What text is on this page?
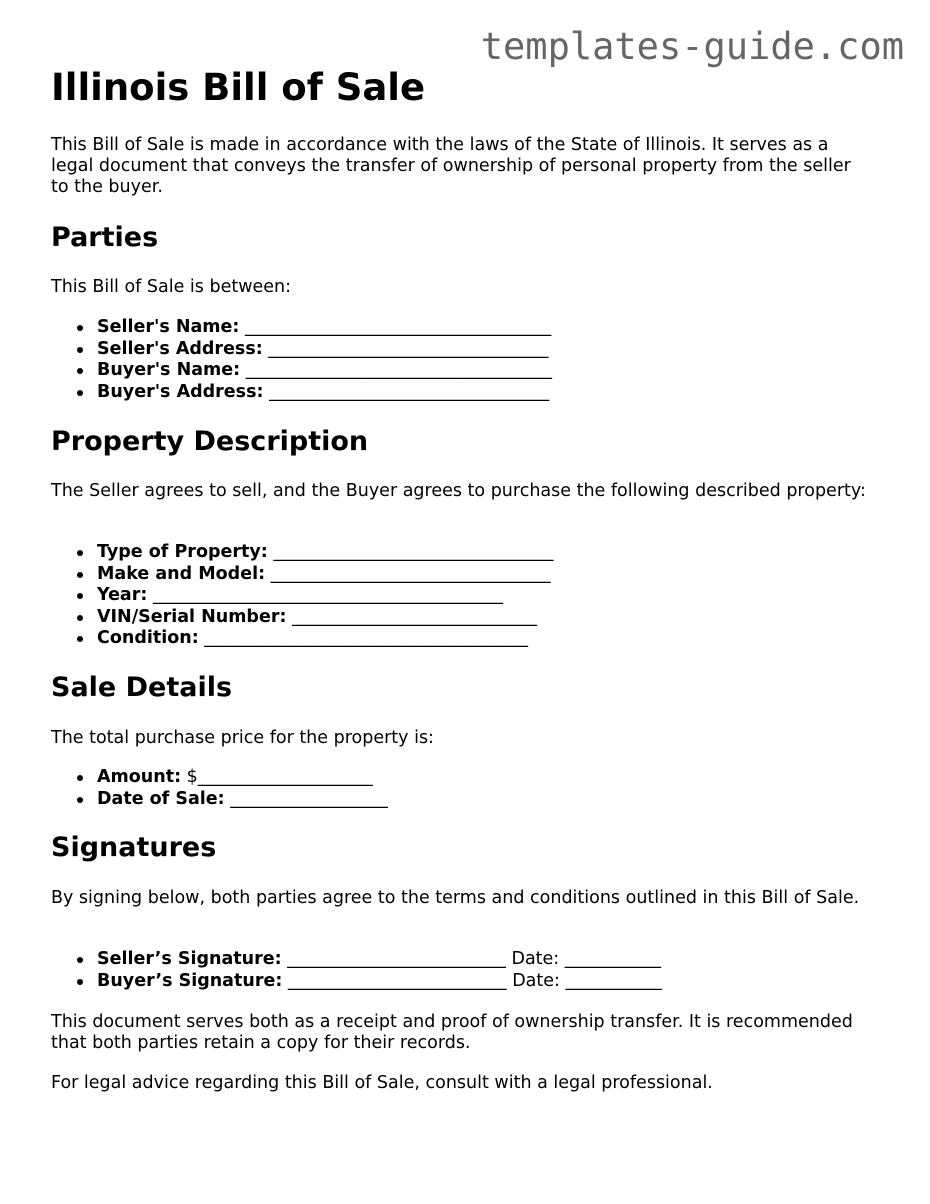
templates-guide.com
Illinois Bill of Sale

This Bill of Sale is made in accordance with the laws of the State of Illinois. It serves as a legal document that conveys the transfer of ownership of personal property from the seller to the buyer.

Parties

This Bill of Sale is between:

Seller's Name: ___________________________________
Seller's Address: ________________________________
Buyer's Name: ___________________________________
Buyer's Address: ________________________________
Property Description

The Seller agrees to sell, and the Buyer agrees to purchase the following described property:

Type of Property: ________________________________
Make and Model: ________________________________
Year: ________________________________________
VIN/Serial Number: ____________________________
Condition: _____________________________________
Sale Details

The total purchase price for the property is:

Amount: $____________________
Date of Sale: __________________
Signatures

By signing below, both parties agree to the terms and conditions outlined in this Bill of Sale.

Seller’s Signature: _________________________ Date: ___________
Buyer’s Signature: _________________________ Date: ___________

This document serves both as a receipt and proof of ownership transfer. It is recommended that both parties retain a copy for their records.

For legal advice regarding this Bill of Sale, consult with a legal professional.
